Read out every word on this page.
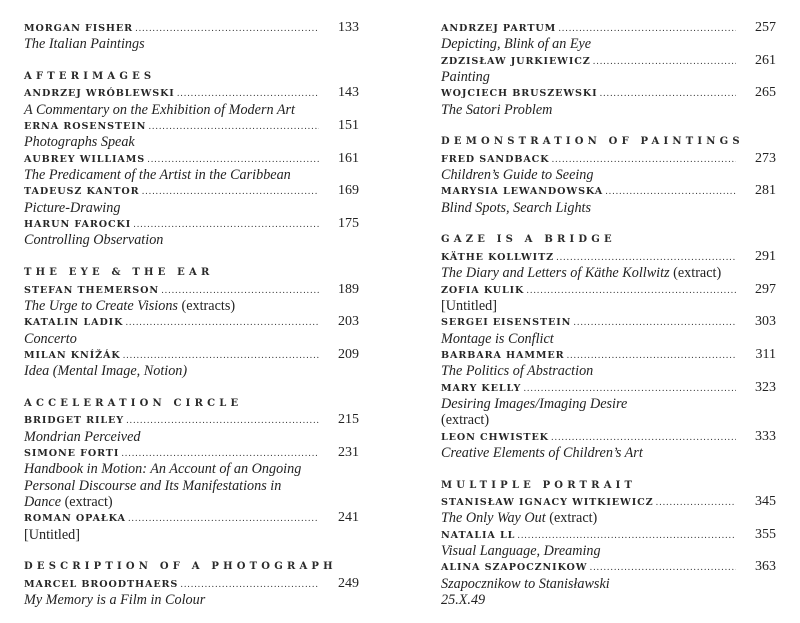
MORGAN FISHER .....	133
The Italian Paintings
AFTERIMAGES
ANDRZEJ WRÓBLEWSKI .....	143
A Commentary on the Exhibition of Modern Art
ERNA ROSENSTEIN .....	151
Photographs Speak
AUBREY WILLIAMS .....	161
The Predicament of the Artist in the Caribbean
TADEUSZ KANTOR .....	169
Picture-Drawing
HARUN FAROCKI .....	175
Controlling Observation
THE EYE & THE EAR
STEFAN THEMERSON .....	189
The Urge to Create Visions (extracts)
KATALIN LADIK .....	203
Concerto
MILAN KNÍŽÁK .....	209
Idea (Mental Image, Notion)
ACCELERATION CIRCLE
BRIDGET RILEY .....	215
Mondrian Perceived
SIMONE FORTI .....	231
Handbook in Motion: An Account of an Ongoing
Personal Discourse and Its Manifestations in
Dance (extract)
ROMAN OPAŁKA .....	241
[Untitled]
DESCRIPTION OF A PHOTOGRAPH
MARCEL BROODTHAERS .....	249
My Memory is a Film in Colour
ANDRZEJ PARTUM .....	257
Depicting, Blink of an Eye
ZDZISŁAW JURKIEWICZ .....	261
Painting
WOJCIECH BRUSZEWSKI .....	265
The Satori Problem
DEMONSTRATION OF PAINTINGS
FRED SANDBACK .....	273
Children’s Guide to Seeing
MARYSIA LEWANDOWSKA .....	281
Blind Spots, Search Lights
GAZE IS A BRIDGE
KÄTHE KOLLWITZ .....	291
The Diary and Letters of Käthe Kollwitz (extract)
ZOFIA KULIK .....	297
[Untitled]
SERGEI EISENSTEIN .....	303
Montage is Conflict
BARBARA HAMMER .....	311
The Politics of Abstraction
MARY KELLY .....	323
Desiring Images/Imaging Desire
(extract)
LEON CHWISTEK .....	333
Creative Elements of Children’s Art
MULTIPLE PORTRAIT
STANISŁAW IGNACY WITKIEWICZ .....	345
The Only Way Out (extract)
NATALIA LL .....	355
Visual Language, Dreaming
ALINA SZAPOCZNIKOW .....	363
Szapocznikow to Stanisławski
25.X.49
